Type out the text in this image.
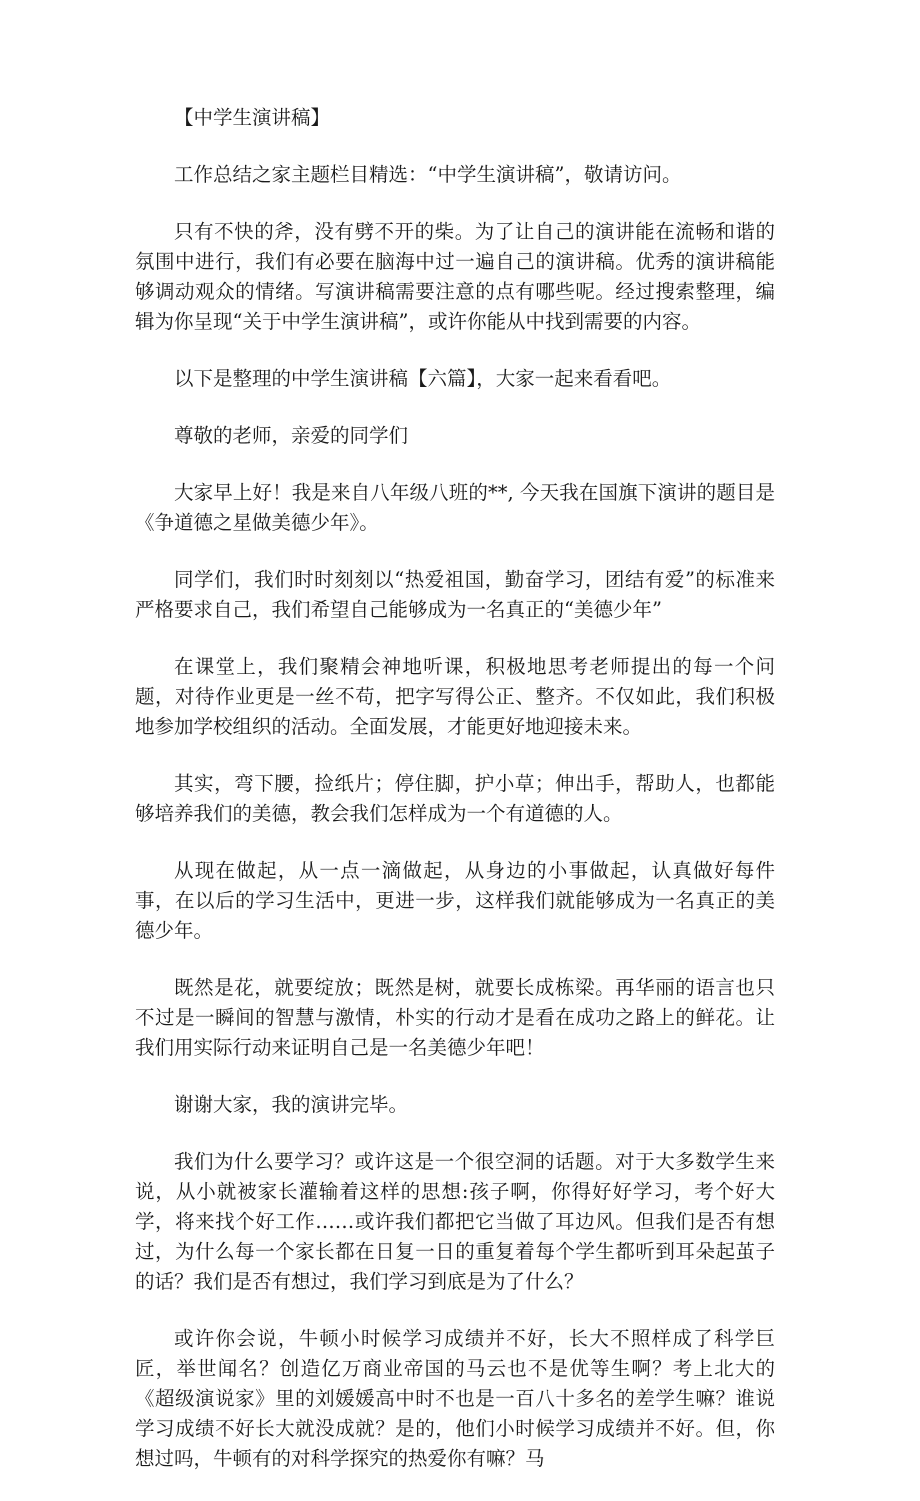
【中学生演讲稿】

工作总结之家主题栏目精选：“中学生演讲稿”，敬请访问。

只有不快的斧，没有劈不开的柴。为了让自己的演讲能在流畅和谐的氛围中进行，我们有必要在脑海中过一遍自己的演讲稿。优秀的演讲稿能够调动观众的情绪。写演讲稿需要注意的点有哪些呢。经过搜索整理，编辑为你呈现“关于中学生演讲稿”，或许你能从中找到需要的内容。

以下是整理的中学生演讲稿【六篇】，大家一起来看看吧。

尊敬的老师，亲爱的同学们

大家早上好！我是来自八年级八班的**, 今天我在国旗下演讲的题目是《争道德之星做美德少年》。

同学们，我们时时刻刻以“热爱祖国，勤奋学习，团结有爱”的标准来严格要求自己，我们希望自己能够成为一名真正的“美德少年”

在课堂上，我们聚精会神地听课，积极地思考老师提出的每一个问题，对待作业更是一丝不苟，把字写得公正、整齐。不仅如此，我们积极地参加学校组织的活动。全面发展，才能更好地迎接未来。

其实，弯下腰，捡纸片；停住脚，护小草；伸出手，帮助人，也都能够培养我们的美德，教会我们怎样成为一个有道德的人。

从现在做起，从一点一滴做起，从身边的小事做起，认真做好每件事，在以后的学习生活中，更进一步，这样我们就能够成为一名真正的美德少年。

既然是花，就要绽放；既然是树，就要长成栋梁。再华丽的语言也只不过是一瞬间的智慧与激情，朴实的行动才是看在成功之路上的鲜花。让我们用实际行动来证明自己是一名美德少年吧！

谢谢大家，我的演讲完毕。

我们为什么要学习？或许这是一个很空洞的话题。对于大多数学生来说，从小就被家长灌输着这样的思想:孩子啊，你得好好学习，考个好大学，将来找个好工作……或许我们都把它当做了耳边风。但我们是否有想过，为什么每一个家长都在日复一日的重复着每个学生都听到耳朵起茧子的话？我们是否有想过，我们学习到底是为了什么？

或许你会说，牛顿小时候学习成绩并不好，长大不照样成了科学巨匠，举世闻名？创造亿万商业帝国的马云也不是优等生啊？考上北大的《超级演说家》里的刘媛媛高中时不也是一百八十多名的差学生嘛？谁说学习成绩不好长大就没成就？是的，他们小时候学习成绩并不好。但，你想过吗，牛顿有的对科学探究的热爱你有嘛？马
